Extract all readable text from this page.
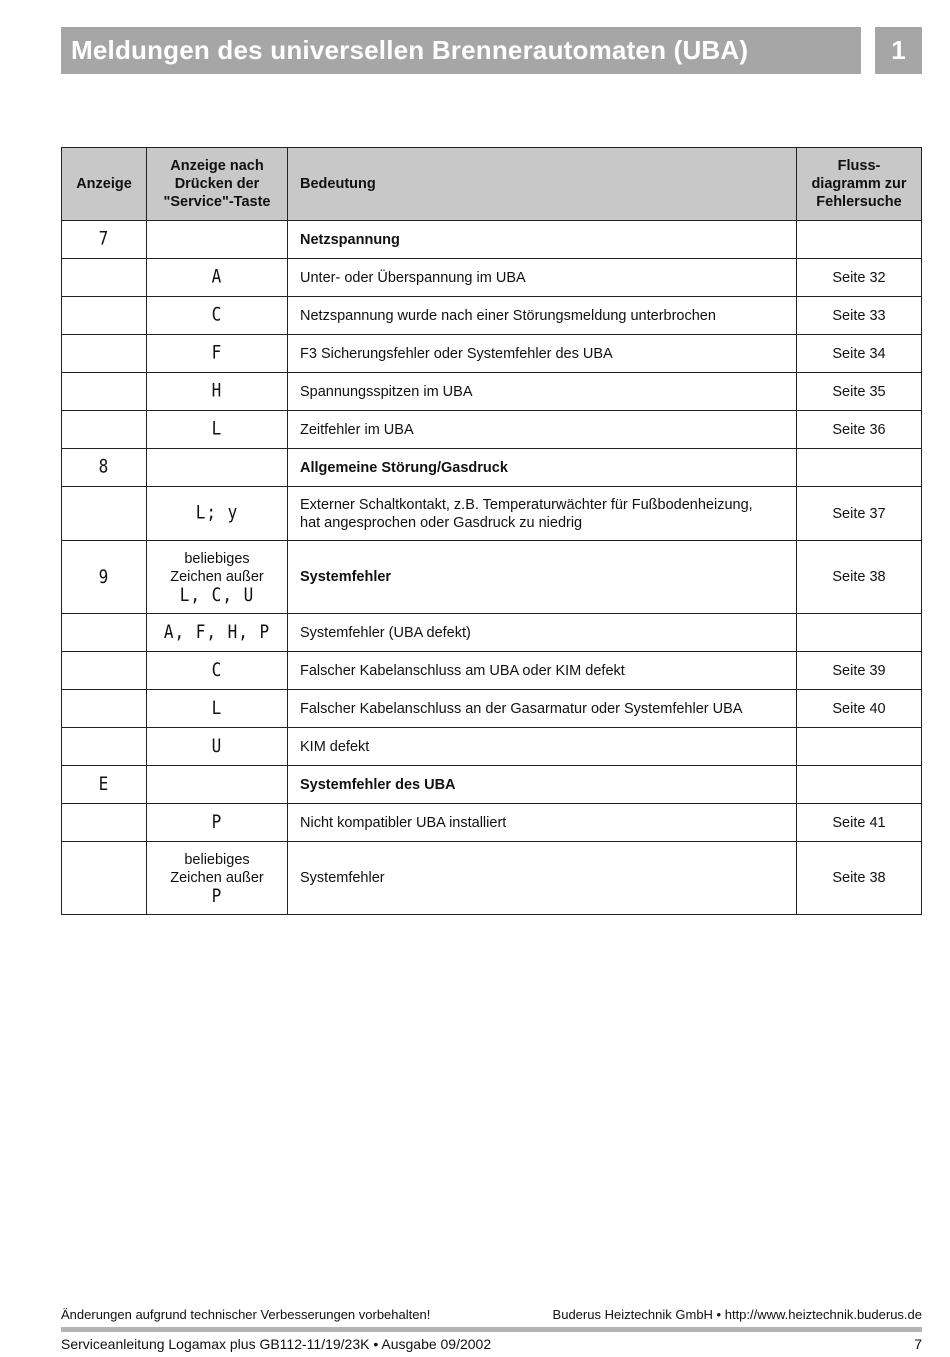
Meldungen des universellen Brennerautomaten (UBA)	1
Anzeige	Anzeige nach
Drücken der
"Service"-Taste	Bedeutung	Fluss-
diagramm zur
Fehlersuche

7		Netzspannung	
	A	Unter- oder Überspannung im UBA	Seite 32
	C	Netzspannung wurde nach einer Störungsmeldung unterbrochen	Seite 33
	F	F3 Sicherungsfehler oder Systemfehler des UBA	Seite 34
	H	Spannungsspitzen im UBA	Seite 35
	L	Zeitfehler im UBA	Seite 36
8		Allgemeine Störung/Gasdruck	
	L; y	Externer Schaltkontakt, z.B. Temperaturwächter für Fußbodenheizung,
hat angesprochen oder Gasdruck zu niedrig	Seite 37
9	beliebiges
Zeichen außer
L, C, U	Systemfehler	Seite 38
	A, F, H, P	Systemfehler (UBA defekt)	
	C	Falscher Kabelanschluss am UBA oder KIM defekt	Seite 39
	L	Falscher Kabelanschluss an der Gasarmatur oder Systemfehler UBA	Seite 40
	U	KIM defekt	
E		Systemfehler des UBA	
	P	Nicht kompatibler UBA installiert	Seite 41

	beliebiges
Zeichen außer
P	Systemfehler	Seite 38
Änderungen aufgrund technischer Verbesserungen vorbehalten!	Buderus Heiztechnik GmbH • http://www.heiztechnik.buderus.de
Serviceanleitung Logamax plus GB112-11/19/23K • Ausgabe 09/2002	7
